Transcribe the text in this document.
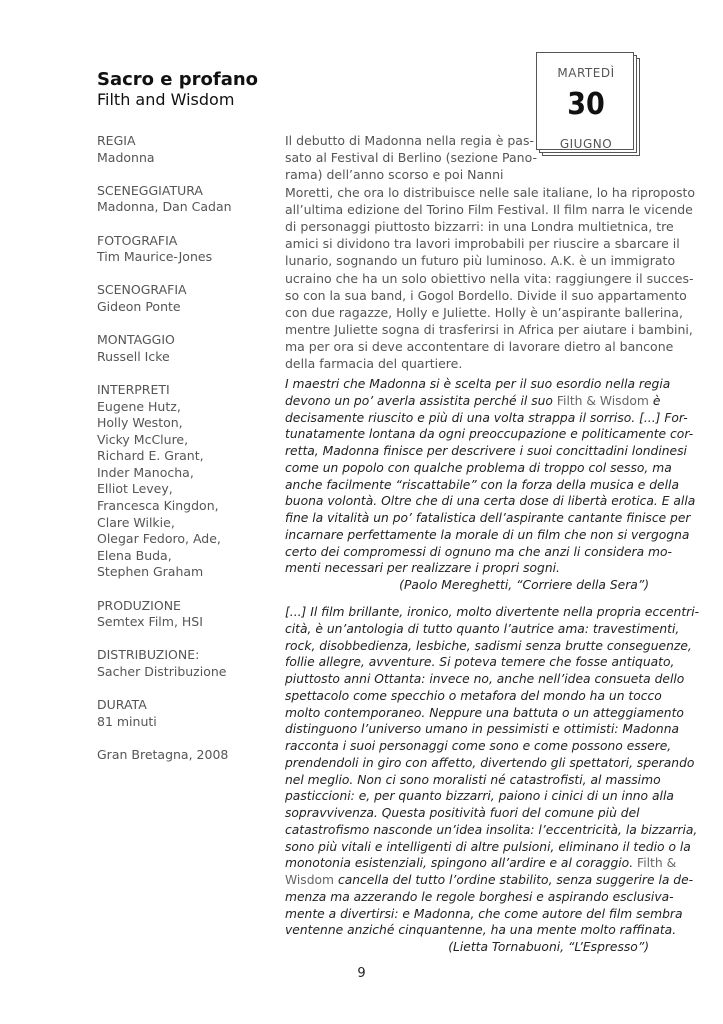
Sacro e profano
Filth and Wisdom
MARTEDÌ
30
GIUGNO
REGIA
Madonna
SCENEGGIATURA
Madonna, Dan Cadan
FOTOGRAFIA
Tim Maurice-Jones
SCENOGRAFIA
Gideon Ponte
MONTAGGIO
Russell Icke
INTERPRETI
Eugene Hutz,
Holly Weston,
Vicky McClure,
Richard E. Grant,
Inder Manocha,
Elliot Levey,
Francesca Kingdon,
Clare Wilkie,
Olegar Fedoro, Ade,
Elena Buda,
Stephen Graham
PRODUZIONE
Semtex Film, HSI
DISTRIBUZIONE:
Sacher Distribuzione
DURATA
81 minuti
Gran Bretagna, 2008
Il debutto di Madonna nella regia è pas-
sato al Festival di Berlino (sezione Pano-
rama) dell’anno scorso e poi Nanni
Moretti, che ora lo distribuisce nelle sale italiane, lo ha riproposto
all’ultima edizione del Torino Film Festival. Il film narra le vicende
di personaggi piuttosto bizzarri: in una Londra multietnica, tre
amici si dividono tra lavori improbabili per riuscire a sbarcare il
lunario, sognando un futuro più luminoso. A.K. è un immigrato
ucraino che ha un solo obiettivo nella vita: raggiungere il succes-
so con la sua band, i Gogol Bordello. Divide il suo appartamento
con due ragazze, Holly e Juliette. Holly è un’aspirante ballerina,
mentre Juliette sogna di trasferirsi in Africa per aiutare i bambini,
ma per ora si deve accontentare di lavorare dietro al bancone
della farmacia del quartiere.
I maestri che Madonna si è scelta per il suo esordio nella regia
devono un po’ averla assistita perché il suo Filth & Wisdom è
decisamente riuscito e più di una volta strappa il sorriso. [...] For-
tunatamente lontana da ogni preoccupazione e politicamente cor-
retta, Madonna finisce per descrivere i suoi concittadini londinesi
come un popolo con qualche problema di troppo col sesso, ma
anche facilmente “riscattabile” con la forza della musica e della
buona volontà. Oltre che di una certa dose di libertà erotica. E alla
fine la vitalità un po’ fatalistica dell’aspirante cantante finisce per
incarnare perfettamente la morale di un film che non si vergogna
certo dei compromessi di ognuno ma che anzi li considera mo-
menti necessari per realizzare i propri sogni.
(Paolo Mereghetti, “Corriere della Sera”)
[...] Il film brillante, ironico, molto divertente nella propria eccentri-
cità, è un’antologia di tutto quanto l’autrice ama: travestimenti,
rock, disobbedienza, lesbiche, sadismi senza brutte conseguenze,
follie allegre, avventure. Si poteva temere che fosse antiquato,
piuttosto anni Ottanta: invece no, anche nell’idea consueta dello
spettacolo come specchio o metafora del mondo ha un tocco
molto contemporaneo. Neppure una battuta o un atteggiamento
distinguono l’universo umano in pessimisti e ottimisti: Madonna
racconta i suoi personaggi come sono e come possono essere,
prendendoli in giro con affetto, divertendo gli spettatori, sperando
nel meglio. Non ci sono moralisti né catastrofisti, al massimo
pasticcioni: e, per quanto bizzarri, paiono i cinici di un inno alla
sopravvivenza. Questa positività fuori del comune più del
catastrofismo nasconde un’idea insolita: l’eccentricità, la bizzarria,
sono più vitali e intelligenti di altre pulsioni, eliminano il tedio o la
monotonia esistenziali, spingono all’ardire e al coraggio. Filth &
Wisdom cancella del tutto l’ordine stabilito, senza suggerire la de-
menza ma azzerando le regole borghesi e aspirando esclusiva-
mente a divertirsi: e Madonna, che come autore del film sembra
ventenne anziché cinquantenne, ha una mente molto raffinata.
(Lietta Tornabuoni, “L’Espresso”)
9
